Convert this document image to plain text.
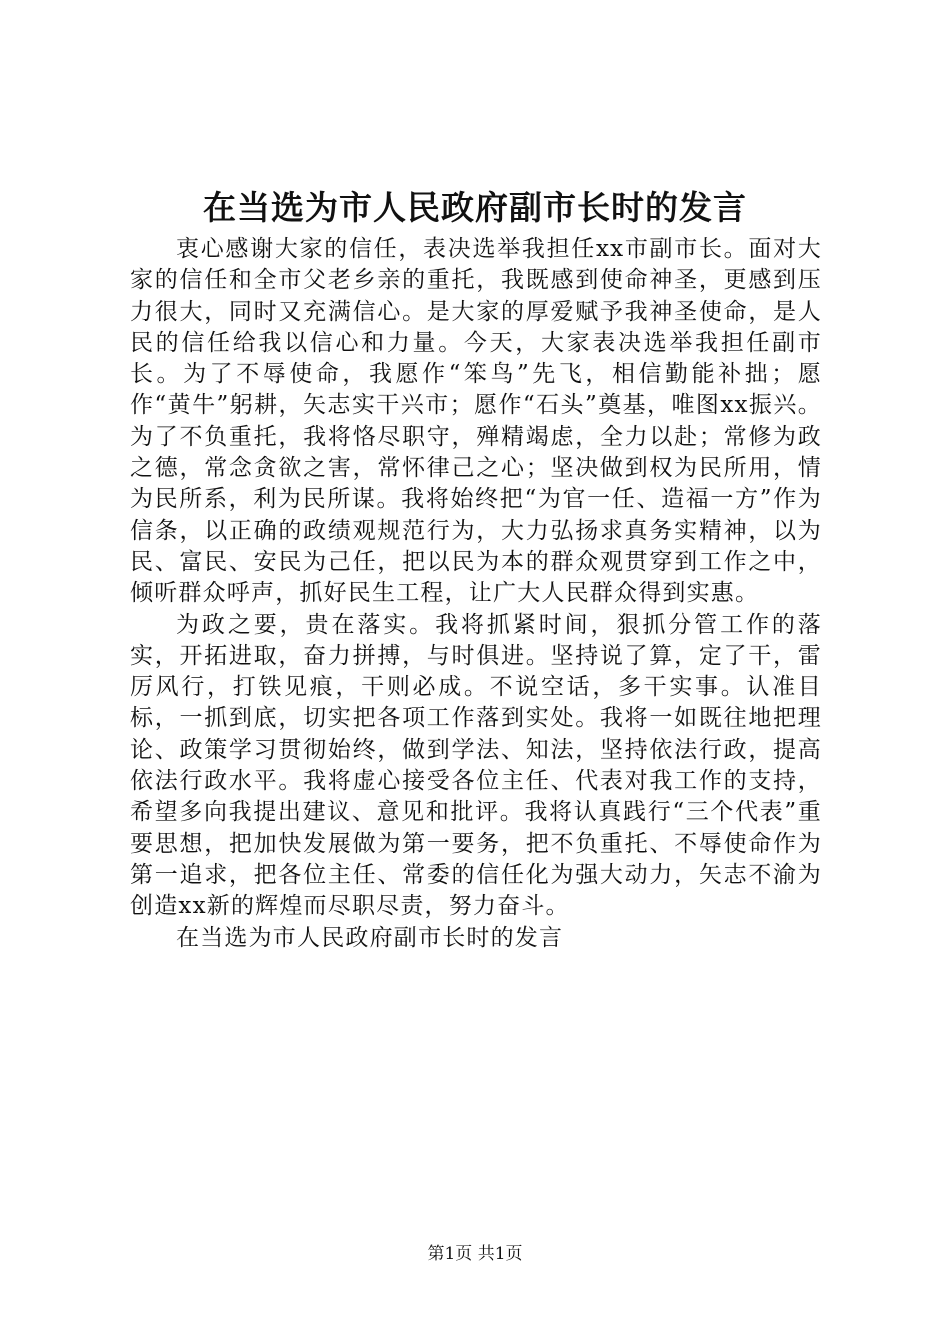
在当选为市人民政府副市长时的发言

衷心感谢大家的信任，表决选举我担任xx市副市长。面对大家的信任和全市父老乡亲的重托，我既感到使命神圣，更感到压力很大，同时又充满信心。是大家的厚爱赋予我神圣使命，是人民的信任给我以信心和力量。今天，大家表决选举我担任副市长。为了不辱使命，我愿作“笨鸟”先飞，相信勤能补拙；愿作“黄牛”躬耕，矢志实干兴市；愿作“石头”奠基，唯图xx振兴。为了不负重托，我将恪尽职守，殚精竭虑，全力以赴；常修为政之德，常念贪欲之害，常怀律己之心；坚决做到权为民所用，情为民所系，利为民所谋。我将始终把“为官一任、造福一方”作为信条，以正确的政绩观规范行为，大力弘扬求真务实精神，以为民、富民、安民为己任，把以民为本的群众观贯穿到工作之中，倾听群众呼声，抓好民生工程，让广大人民群众得到实惠。

为政之要，贵在落实。我将抓紧时间，狠抓分管工作的落实，开拓进取，奋力拼搏，与时俱进。坚持说了算，定了干，雷厉风行，打铁见痕，干则必成。不说空话，多干实事。认准目标，一抓到底，切实把各项工作落到实处。我将一如既往地把理论、政策学习贯彻始终，做到学法、知法，坚持依法行政，提高依法行政水平。我将虚心接受各位主任、代表对我工作的支持，希望多向我提出建议、意见和批评。我将认真践行“三个代表”重要思想，把加快发展做为第一要务，把不负重托、不辱使命作为第一追求，把各位主任、常委的信任化为强大动力，矢志不渝为创造xx新的辉煌而尽职尽责，努力奋斗。

在当选为市人民政府副市长时的发言

第1页 共1页
